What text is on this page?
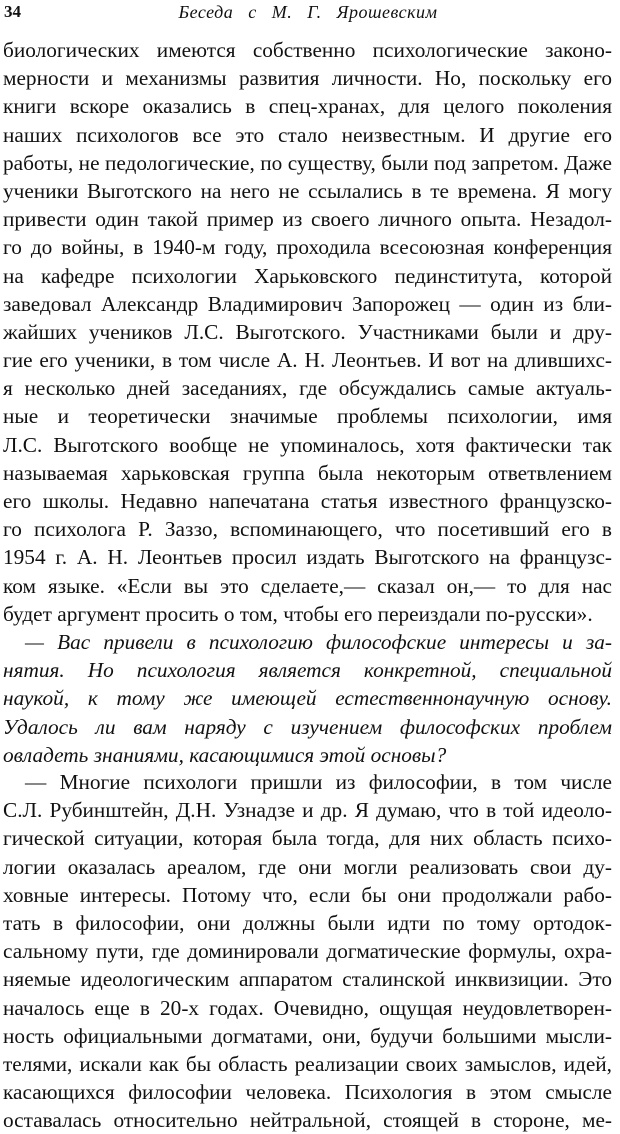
34	Беседа с М. Г. Ярошевским
биологических имеются собственно психологические законо-
мерности и механизмы развития личности. Но, поскольку его
книги вскоре оказались в спец-хранах, для целого поколения
наших психологов все это стало неизвестным. И другие его
работы, не педологические, по существу, были под запретом. Даже
ученики Выготского на него не ссылались в те времена. Я могу
привести один такой пример из своего личного опыта. Незадол-
го до войны, в 1940-м году, проходила всесоюзная конференция
на кафедре психологии Харьковского пединститута, которой
заведовал Александр Владимирович Запорожец — один из бли-
жайших учеников Л.С. Выготского. Участниками были и дру-
гие его ученики, в том числе А. Н. Леонтьев. И вот на длившихс-
я несколько дней заседаниях, где обсуждались самые актуаль-
ные и теоретически значимые проблемы психологии, имя
Л.С. Выготского вообще не упоминалось, хотя фактически так
называемая харьковская группа была некоторым ответвлением
его школы. Недавно напечатана статья известного французско-
го психолога Р. Заззо, вспоминающего, что посетивший его в
1954 г. А. Н. Леонтьев просил издать Выготского на французс-
ком языке. «Если вы это сделаете,— сказал он,— то для нас
будет аргумент просить о том, чтобы его переиздали по-русски».
— Вас привели в психологию философские интересы и за-
нятия. Но психология является конкретной, специальной
наукой, к тому же имеющей естественнонаучную основу.
Удалось ли вам наряду с изучением философских проблем
овладеть знаниями, касающимися этой основы?
— Многие психологи пришли из философии, в том числе
С.Л. Рубинштейн, Д.Н. Узнадзе и др. Я думаю, что в той идеоло-
гической ситуации, которая была тогда, для них область психо-
логии оказалась ареалом, где они могли реализовать свои ду-
ховные интересы. Потому что, если бы они продолжали рабо-
тать в философии, они должны были идти по тому ортодок-
сальному пути, где доминировали догматические формулы, охра-
няемые идеологическим аппаратом сталинской инквизиции. Это
началось еще в 20-х годах. Очевидно, ощущая неудовлетворен-
ность официальными догматами, они, будучи большими мысли-
телями, искали как бы область реализации своих замыслов, идей,
касающихся философии человека. Психология в этом смысле
оставалась относительно нейтральной, стоящей в стороне, ме-
